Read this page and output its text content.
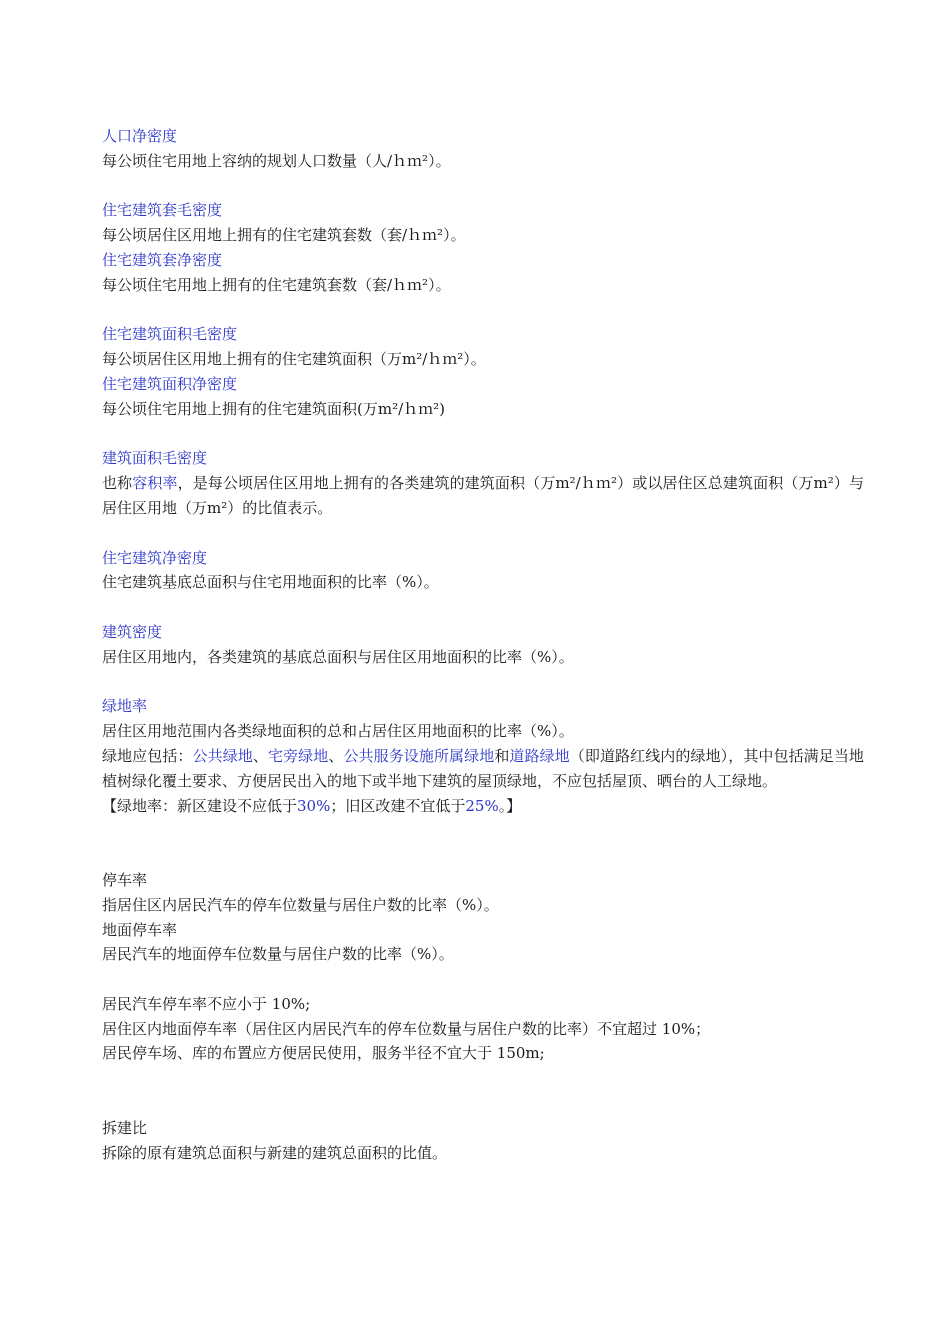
人口净密度
每公顷住宅用地上容纳的规划人口数量（人/ｈｍ²）。
住宅建筑套毛密度
每公顷居住区用地上拥有的住宅建筑套数（套/ｈｍ²）。
住宅建筑套净密度
每公顷住宅用地上拥有的住宅建筑套数（套/ｈｍ²）。
住宅建筑面积毛密度
每公顷居住区用地上拥有的住宅建筑面积（万m²/ｈｍ²）。
住宅建筑面积净密度
每公顷住宅用地上拥有的住宅建筑面积(万m²/ｈｍ²)
建筑面积毛密度
也称容积率，是每公顷居住区用地上拥有的各类建筑的建筑面积（万m²/ｈｍ²）或以居住区总建筑面积（万m²）与居住区用地（万m²）的比值表示。
住宅建筑净密度
住宅建筑基底总面积与住宅用地面积的比率（%）。
建筑密度
居住区用地内，各类建筑的基底总面积与居住区用地面积的比率（%）。
绿地率
居住区用地范围内各类绿地面积的总和占居住区用地面积的比率（%）。
绿地应包括：公共绿地、宅旁绿地、公共服务设施所属绿地和道路绿地（即道路红线内的绿地），其中包括满足当地植树绿化覆土要求、方便居民出入的地下或半地下建筑的屋顶绿地，不应包括屋顶、晒台的人工绿地。
【绿地率：新区建设不应低于30%；旧区改建不宜低于25%。】
停车率
指居住区内居民汽车的停车位数量与居住户数的比率（%）。
地面停车率
居民汽车的地面停车位数量与居住户数的比率（%）。
居民汽车停车率不应小于 10%;
居住区内地面停车率（居住区内居民汽车的停车位数量与居住户数的比率）不宜超过 10%；
居民停车场、库的布置应方便居民使用，服务半径不宜大于 150m;
拆建比
拆除的原有建筑总面积与新建的建筑总面积的比值。
